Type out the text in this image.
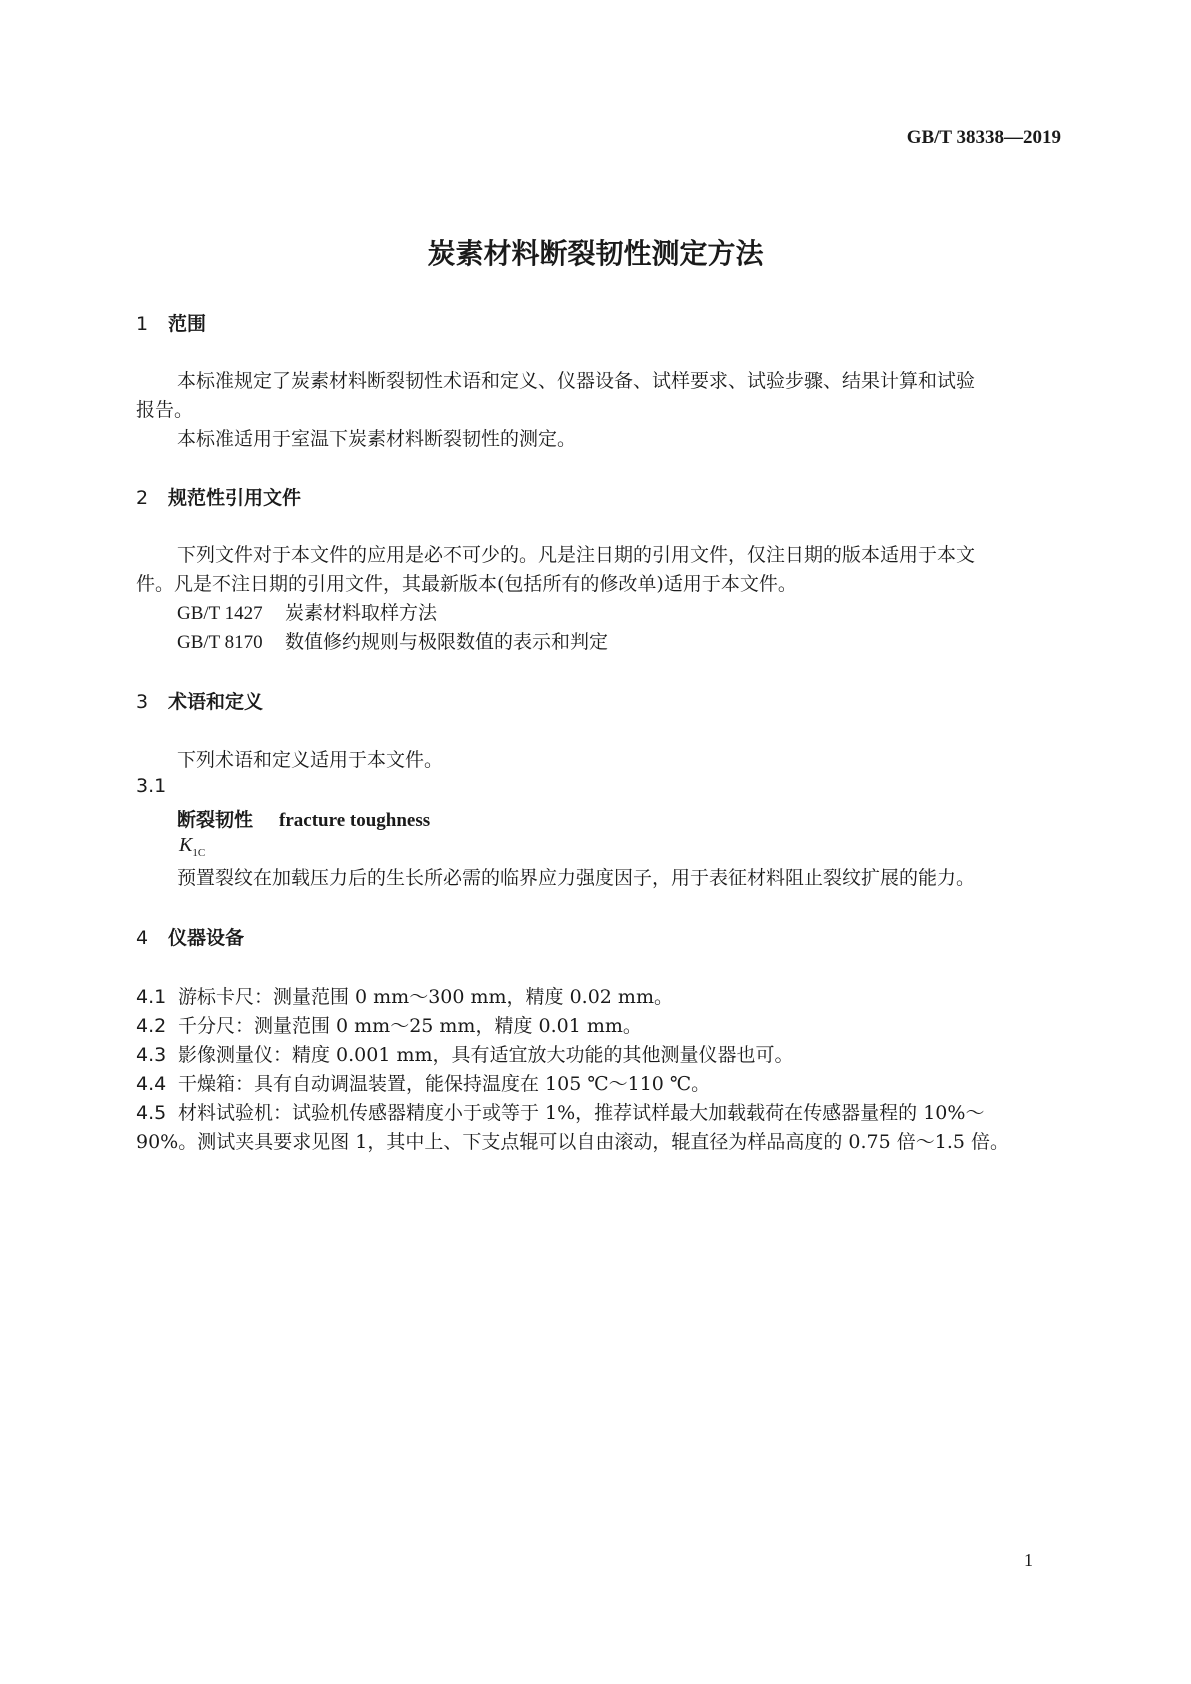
GB/T 38338—2019
炭素材料断裂韧性测定方法
1 范围
本标准规定了炭素材料断裂韧性术语和定义、仪器设备、试样要求、试验步骤、结果计算和试验
报告。
本标准适用于室温下炭素材料断裂韧性的测定。
2 规范性引用文件
下列文件对于本文件的应用是必不可少的。凡是注日期的引用文件，仅注日期的版本适用于本文
件。凡是不注日期的引用文件，其最新版本(包括所有的修改单)适用于本文件。
GB/T 1427 炭素材料取样方法
GB/T 8170 数值修约规则与极限数值的表示和判定
3 术语和定义
下列术语和定义适用于本文件。
3.1
断裂韧性 fracture toughness
$K_{1C}$
预置裂纹在加载压力后的生长所必需的临界应力强度因子，用于表征材料阻止裂纹扩展的能力。
4 仪器设备
4.1 游标卡尺：测量范围 0 mm～300 mm，精度 0.02 mm。
4.2 千分尺：测量范围 0 mm～25 mm，精度 0.01 mm。
4.3 影像测量仪：精度 0.001 mm，具有适宜放大功能的其他测量仪器也可。
4.4 干燥箱：具有自动调温装置，能保持温度在 105 ℃～110 ℃。
4.5 材料试验机：试验机传感器精度小于或等于 1%，推荐试样最大加载载荷在传感器量程的 10%～
90%。测试夹具要求见图 1，其中上、下支点辊可以自由滚动，辊直径为样品高度的 0.75 倍～1.5 倍。
1
